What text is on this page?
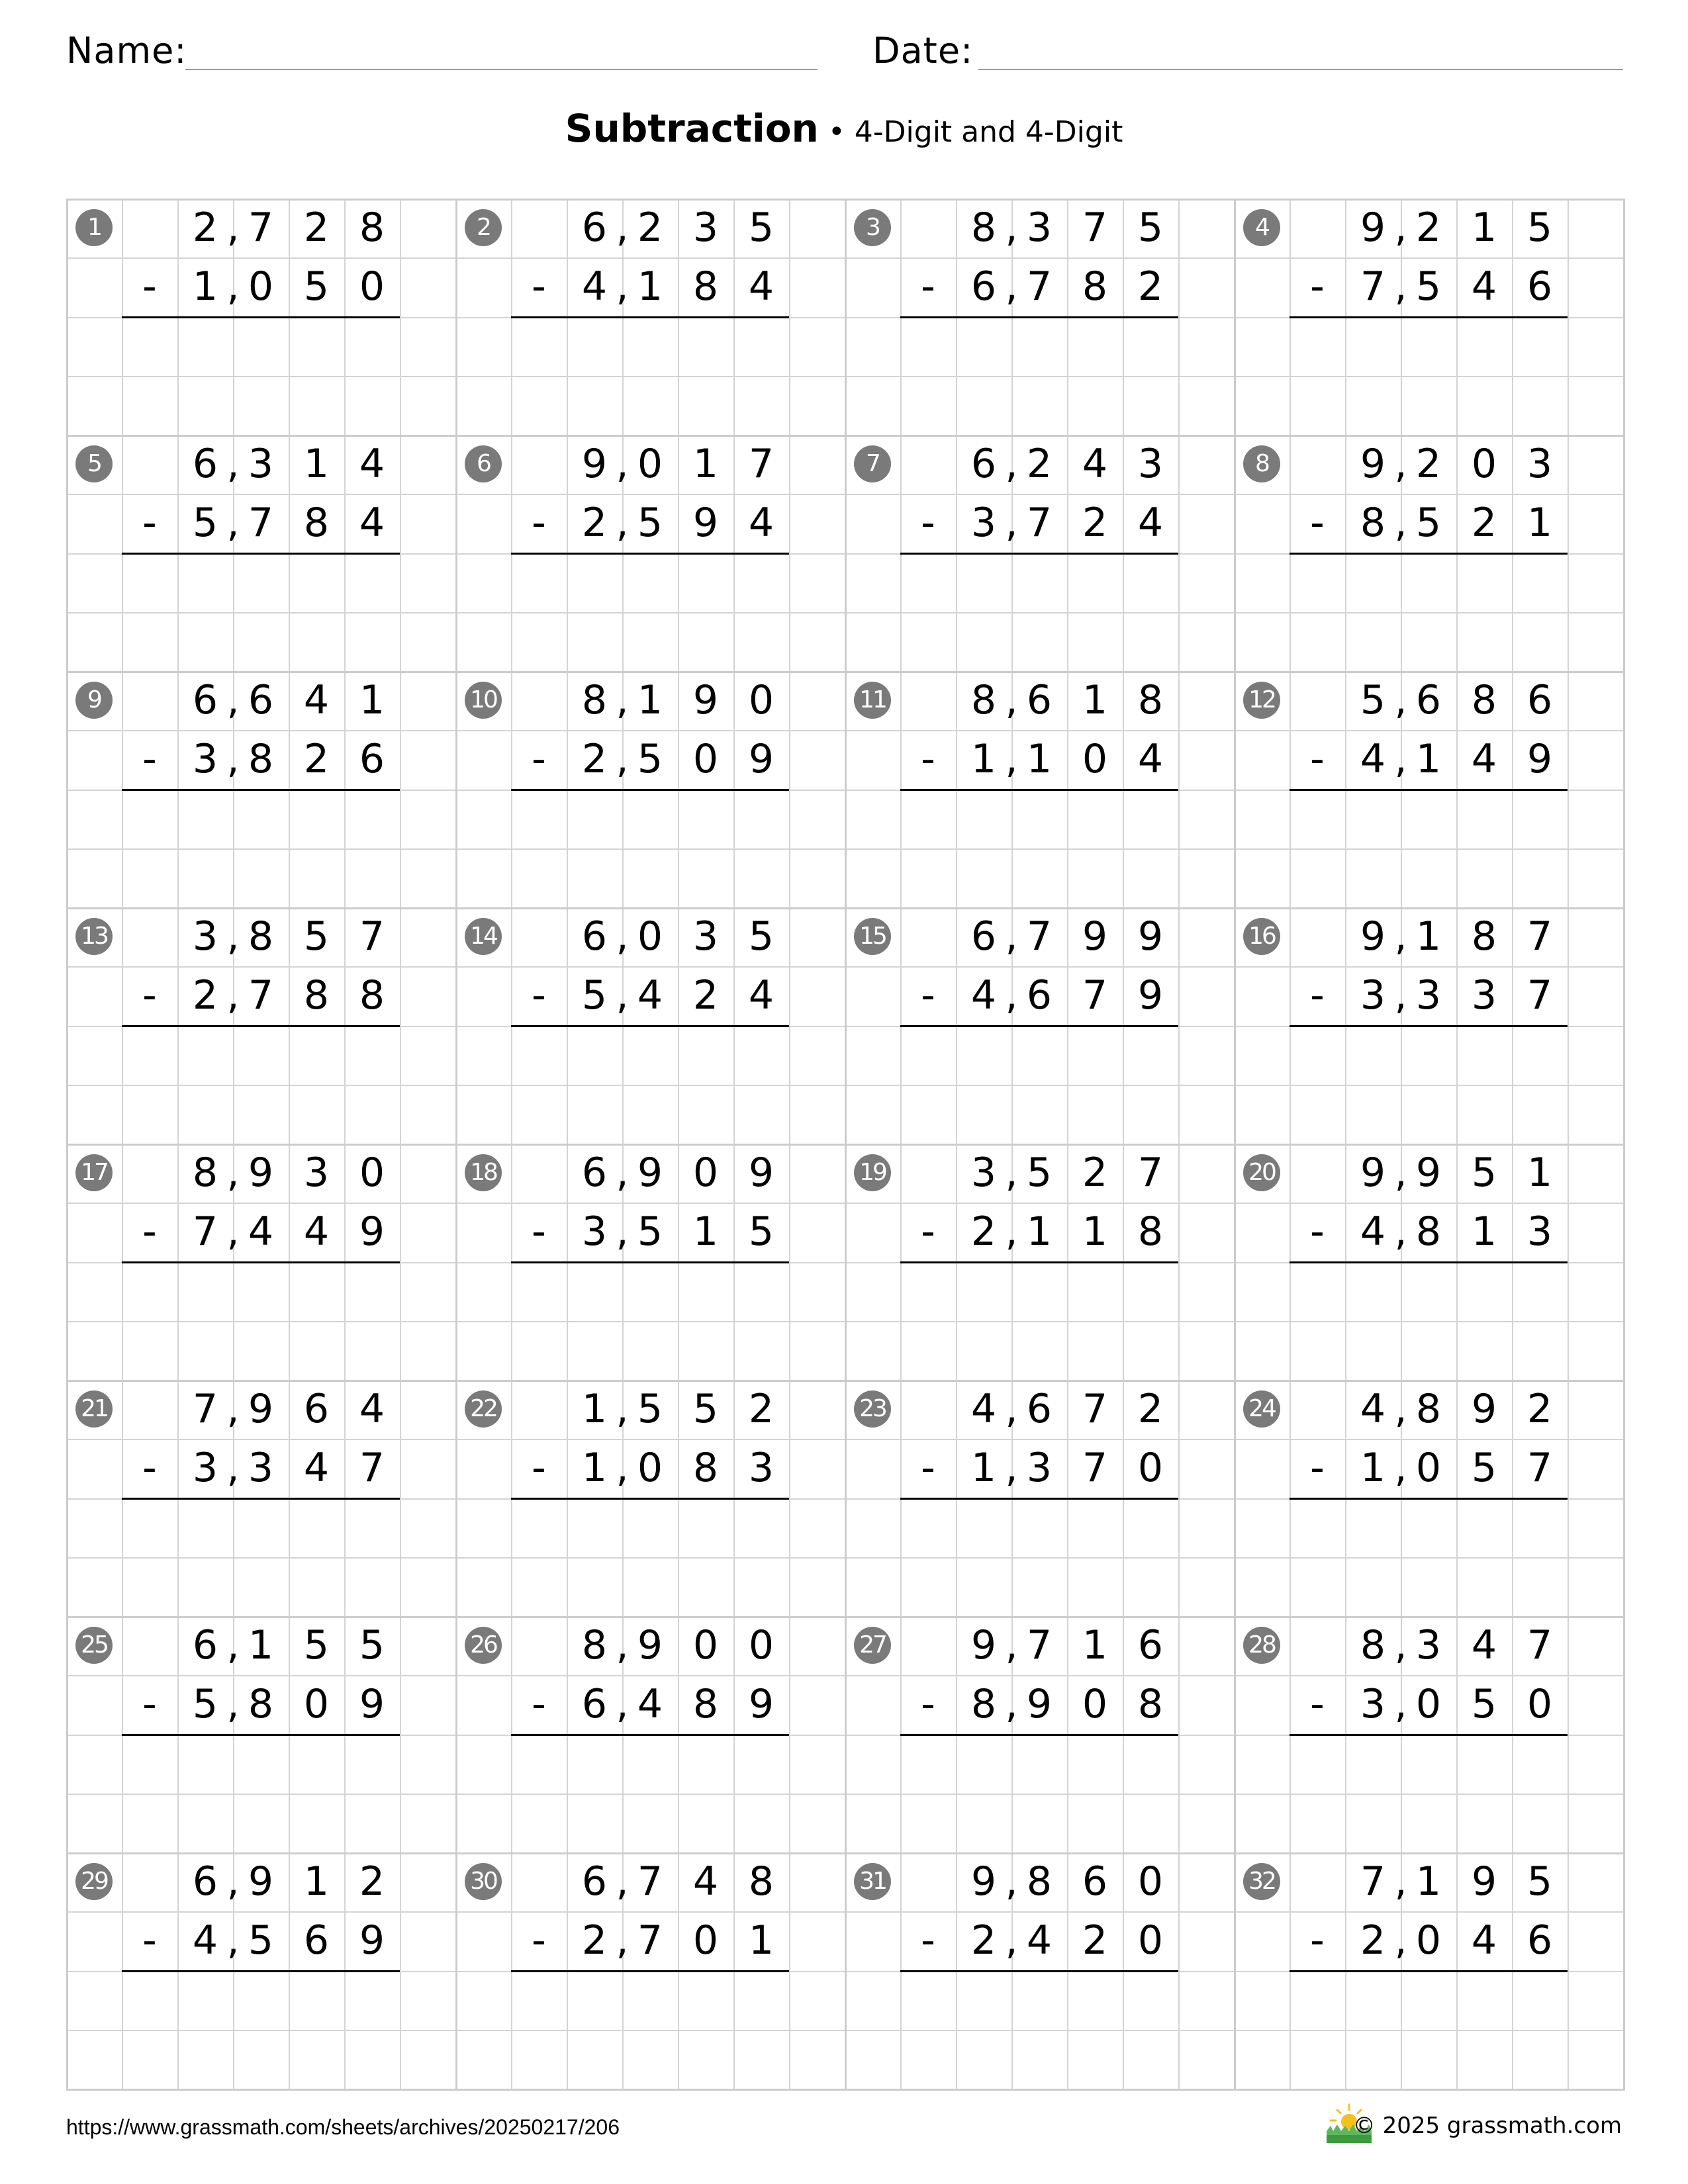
Name:	Date:
Subtraction • 4-Digit and 4-Digit
1	2 7 2 8
,
1 0 5 0
,
-
2	6 2 3 5
,
4 1 8 4
,
-
3	8 3 7 5
,
6 7 8 2
,
-
4	9 2 1 5
,
7 5 4 6
,
-
5	6 3 1 4
,
5 7 8 4
,
-
6	9 0 1 7
,
2 5 9 4
,
-
7	6 2 4 3
,
3 7 2 4
,
-
8	9 2 0 3
,
8 5 2 1
,
-
9	6 6 4 1
,
3 8 2 6
,
-
10	8 1 9 0
,
2 5 0 9
,
-
11	8 6 1 8
,
1 1 0 4
,
-
12	5 6 8 6
,
4 1 4 9
,
-
13	3 8 5 7
,
2 7 8 8
,
-
14	6 0 3 5
,
5 4 2 4
,
-
15	6 7 9 9
,
4 6 7 9
,
-
16	9 1 8 7
,
3 3 3 7
,
-
17	8 9 3 0
,
7 4 4 9
,
-
18	6 9 0 9
,
3 5 1 5
,
-
19	3 5 2 7
,
2 1 1 8
,
-
20	9 9 5 1
,
4 8 1 3
,
-
21	7 9 6 4
,
3 3 4 7
,
-
22	1 5 5 2
,
1 0 8 3
,
-
23	4 6 7 2
,
1 3 7 0
,
-
24	4 8 9 2
,
1 0 5 7
,
-
25	6 1 5 5
,
5 8 0 9
,
-
26	8 9 0 0
,
6 4 8 9
,
-
27	9 7 1 6
,
8 9 0 8
,
-
28	8 3 4 7
,
3 0 5 0
,
-
29	6 9 1 2
,
4 5 6 9
,
-
30	6 7 4 8
,
2 7 0 1
,
-
31	9 8 6 0
,
2 4 2 0
,
-
32	7 1 9 5
,
2 0 4 6
,
-
https://www.grassmath.com/sheets/archives/20250217/206	© 2025 grassmath.com
